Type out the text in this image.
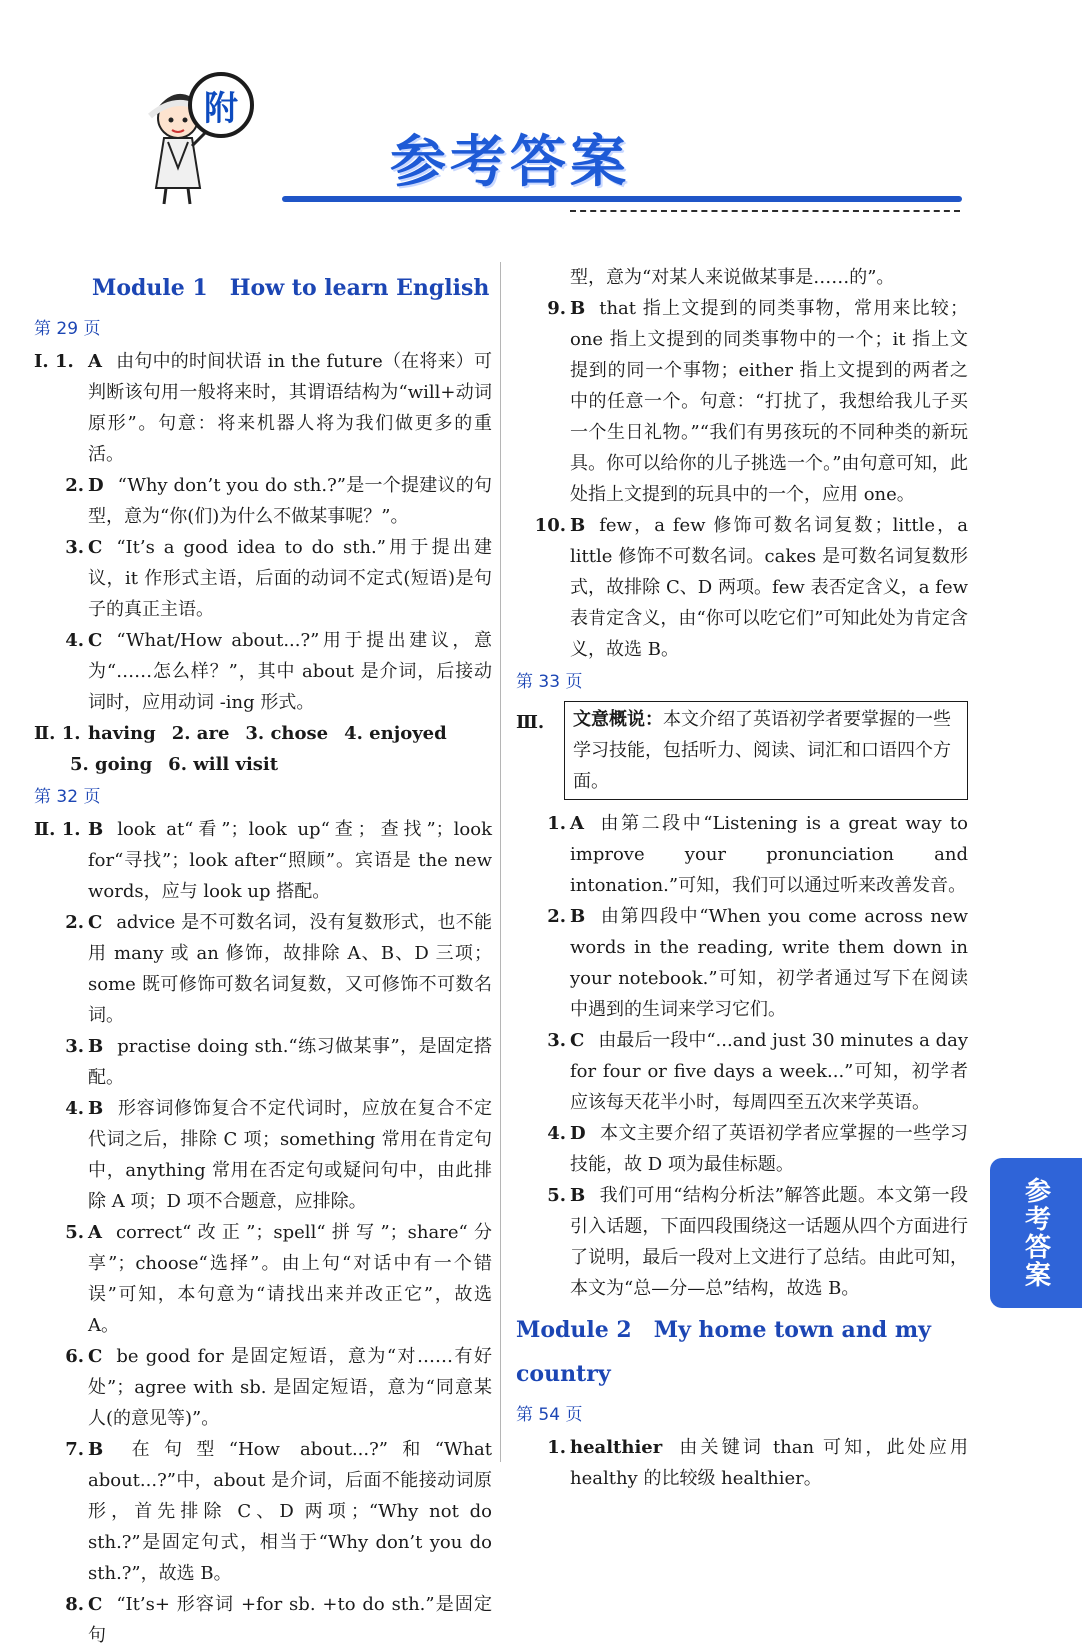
附
参考答案
Module 1 How to learn English
第 29 页
Ⅰ. 1. A 由句中的时间状语 in the future（在将来）可判断该句用一般将来时，其谓语结构为“will+动词原形”。句意：将来机器人将为我们做更多的重活。
2. D “Why don’t you do sth.?”是一个提建议的句型，意为“你(们)为什么不做某事呢？”。
3. C “It’s a good idea to do sth.”用于提出建议，it 作形式主语，后面的动词不定式(短语)是句子的真正主语。
4. C “What/How about...?”用于提出建议，意为“……怎么样？”，其中 about 是介词，后接动词时，应用动词 -ing 形式。
Ⅱ. 1. having 2. are 3. chose 4. enjoyed
5. going 6. will visit
第 32 页
Ⅱ. 1. B look at“看”；look up“查；查找”；look for“寻找”；look after“照顾”。宾语是 the new words，应与 look up 搭配。
2. C advice 是不可数名词，没有复数形式，也不能用 many 或 an 修饰，故排除 A、B、D 三项；some 既可修饰可数名词复数，又可修饰不可数名词。
3. B practise doing sth.“练习做某事”，是固定搭配。
4. B 形容词修饰复合不定代词时，应放在复合不定代词之后，排除 C 项；something 常用在肯定句中，anything 常用在否定句或疑问句中，由此排除 A 项；D 项不合题意，应排除。
5. A correct“改正”；spell“拼写”；share“分享”；choose“选择”。由上句“对话中有一个错误”可知，本句意为“请找出来并改正它”，故选 A。
6. C be good for 是固定短语，意为“对……有好处”；agree with sb. 是固定短语，意为“同意某人(的意见等)”。
7. B 在句型“How about...?”和“What about...?”中，about 是介词，后面不能接动词原形，首先排除 C、D 两项；“Why not do sth.?”是固定句式，相当于“Why don’t you do sth.?”，故选 B。
8. C “It’s+ 形容词 +for sb. +to do sth.”是固定句
型，意为“对某人来说做某事是……的”。
9. B that 指上文提到的同类事物，常用来比较；one 指上文提到的同类事物中的一个；it 指上文提到的同一个事物；either 指上文提到的两者之中的任意一个。句意：“打扰了，我想给我儿子买一个生日礼物。”“我们有男孩玩的不同种类的新玩具。你可以给你的儿子挑选一个。”由句意可知，此处指上文提到的玩具中的一个，应用 one。
10. B few，a few 修饰可数名词复数；little，a little 修饰不可数名词。cakes 是可数名词复数形式，故排除 C、D 两项。few 表否定含义，a few 表肯定含义，由“你可以吃它们”可知此处为肯定含义，故选 B。
第 33 页
Ⅲ.	文意概说：本文介绍了英语初学者要掌握的一些学习技能，包括听力、阅读、词汇和口语四个方面。
1. A 由第二段中“Listening is a great way to improve your pronunciation and intonation.”可知，我们可以通过听来改善发音。
2. B 由第四段中“When you come across new words in the reading, write them down in your notebook.”可知，初学者通过写下在阅读中遇到的生词来学习它们。
3. C 由最后一段中“...and just 30 minutes a day for four or five days a week...”可知，初学者应该每天花半小时，每周四至五次来学英语。
4. D 本文主要介绍了英语初学者应掌握的一些学习技能，故 D 项为最佳标题。
5. B 我们可用“结构分析法”解答此题。本文第一段引入话题，下面四段围绕这一话题从四个方面进行了说明，最后一段对上文进行了总结。由此可知，本文为“总—分—总”结构，故选 B。
Module 2 My home town and my country
第 54 页
1. healthier 由关键词 than 可知，此处应用 healthy 的比较级 healthier。
参考答案
